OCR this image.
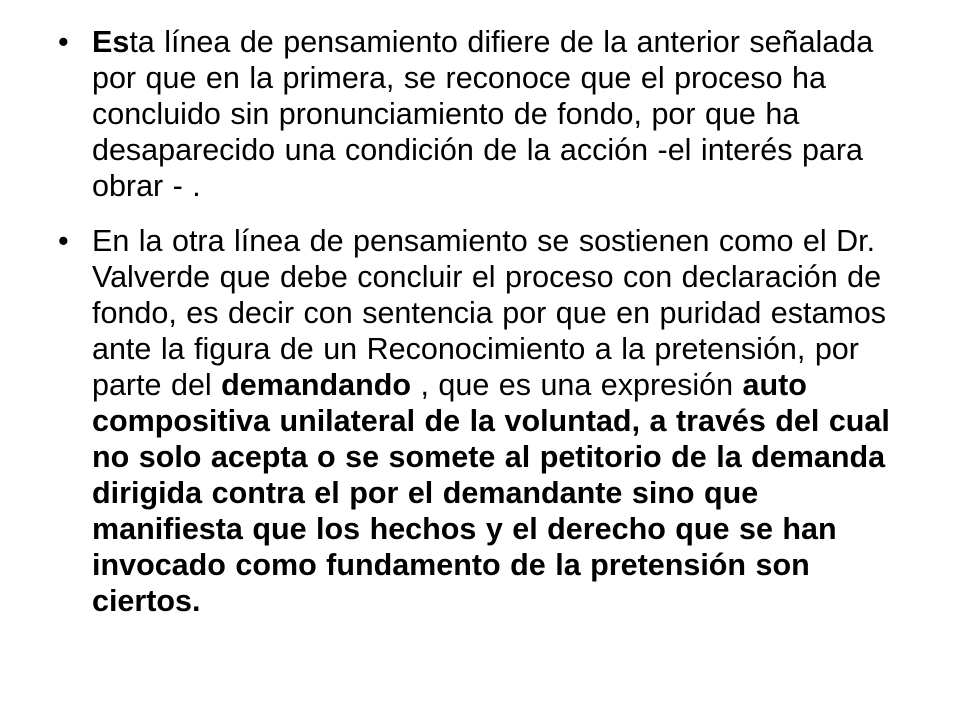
• Esta línea de pensamiento difiere de la anterior señalada por que en la primera, se reconoce que el proceso ha concluido sin pronunciamiento de fondo, por que ha desaparecido una condición de la acción -el interés para obrar - .
• En la otra línea de pensamiento se sostienen como el Dr. Valverde que debe concluir el proceso con declaración de fondo, es decir con sentencia por que en puridad estamos ante la figura de un Reconocimiento a la pretensión, por parte del demandando , que es una expresión auto compositiva unilateral de la voluntad, a través del cual no solo acepta o se somete al petitorio de la demanda dirigida contra el por el demandante sino que manifiesta que los hechos y el derecho que se han invocado como fundamento de la pretensión son ciertos.
